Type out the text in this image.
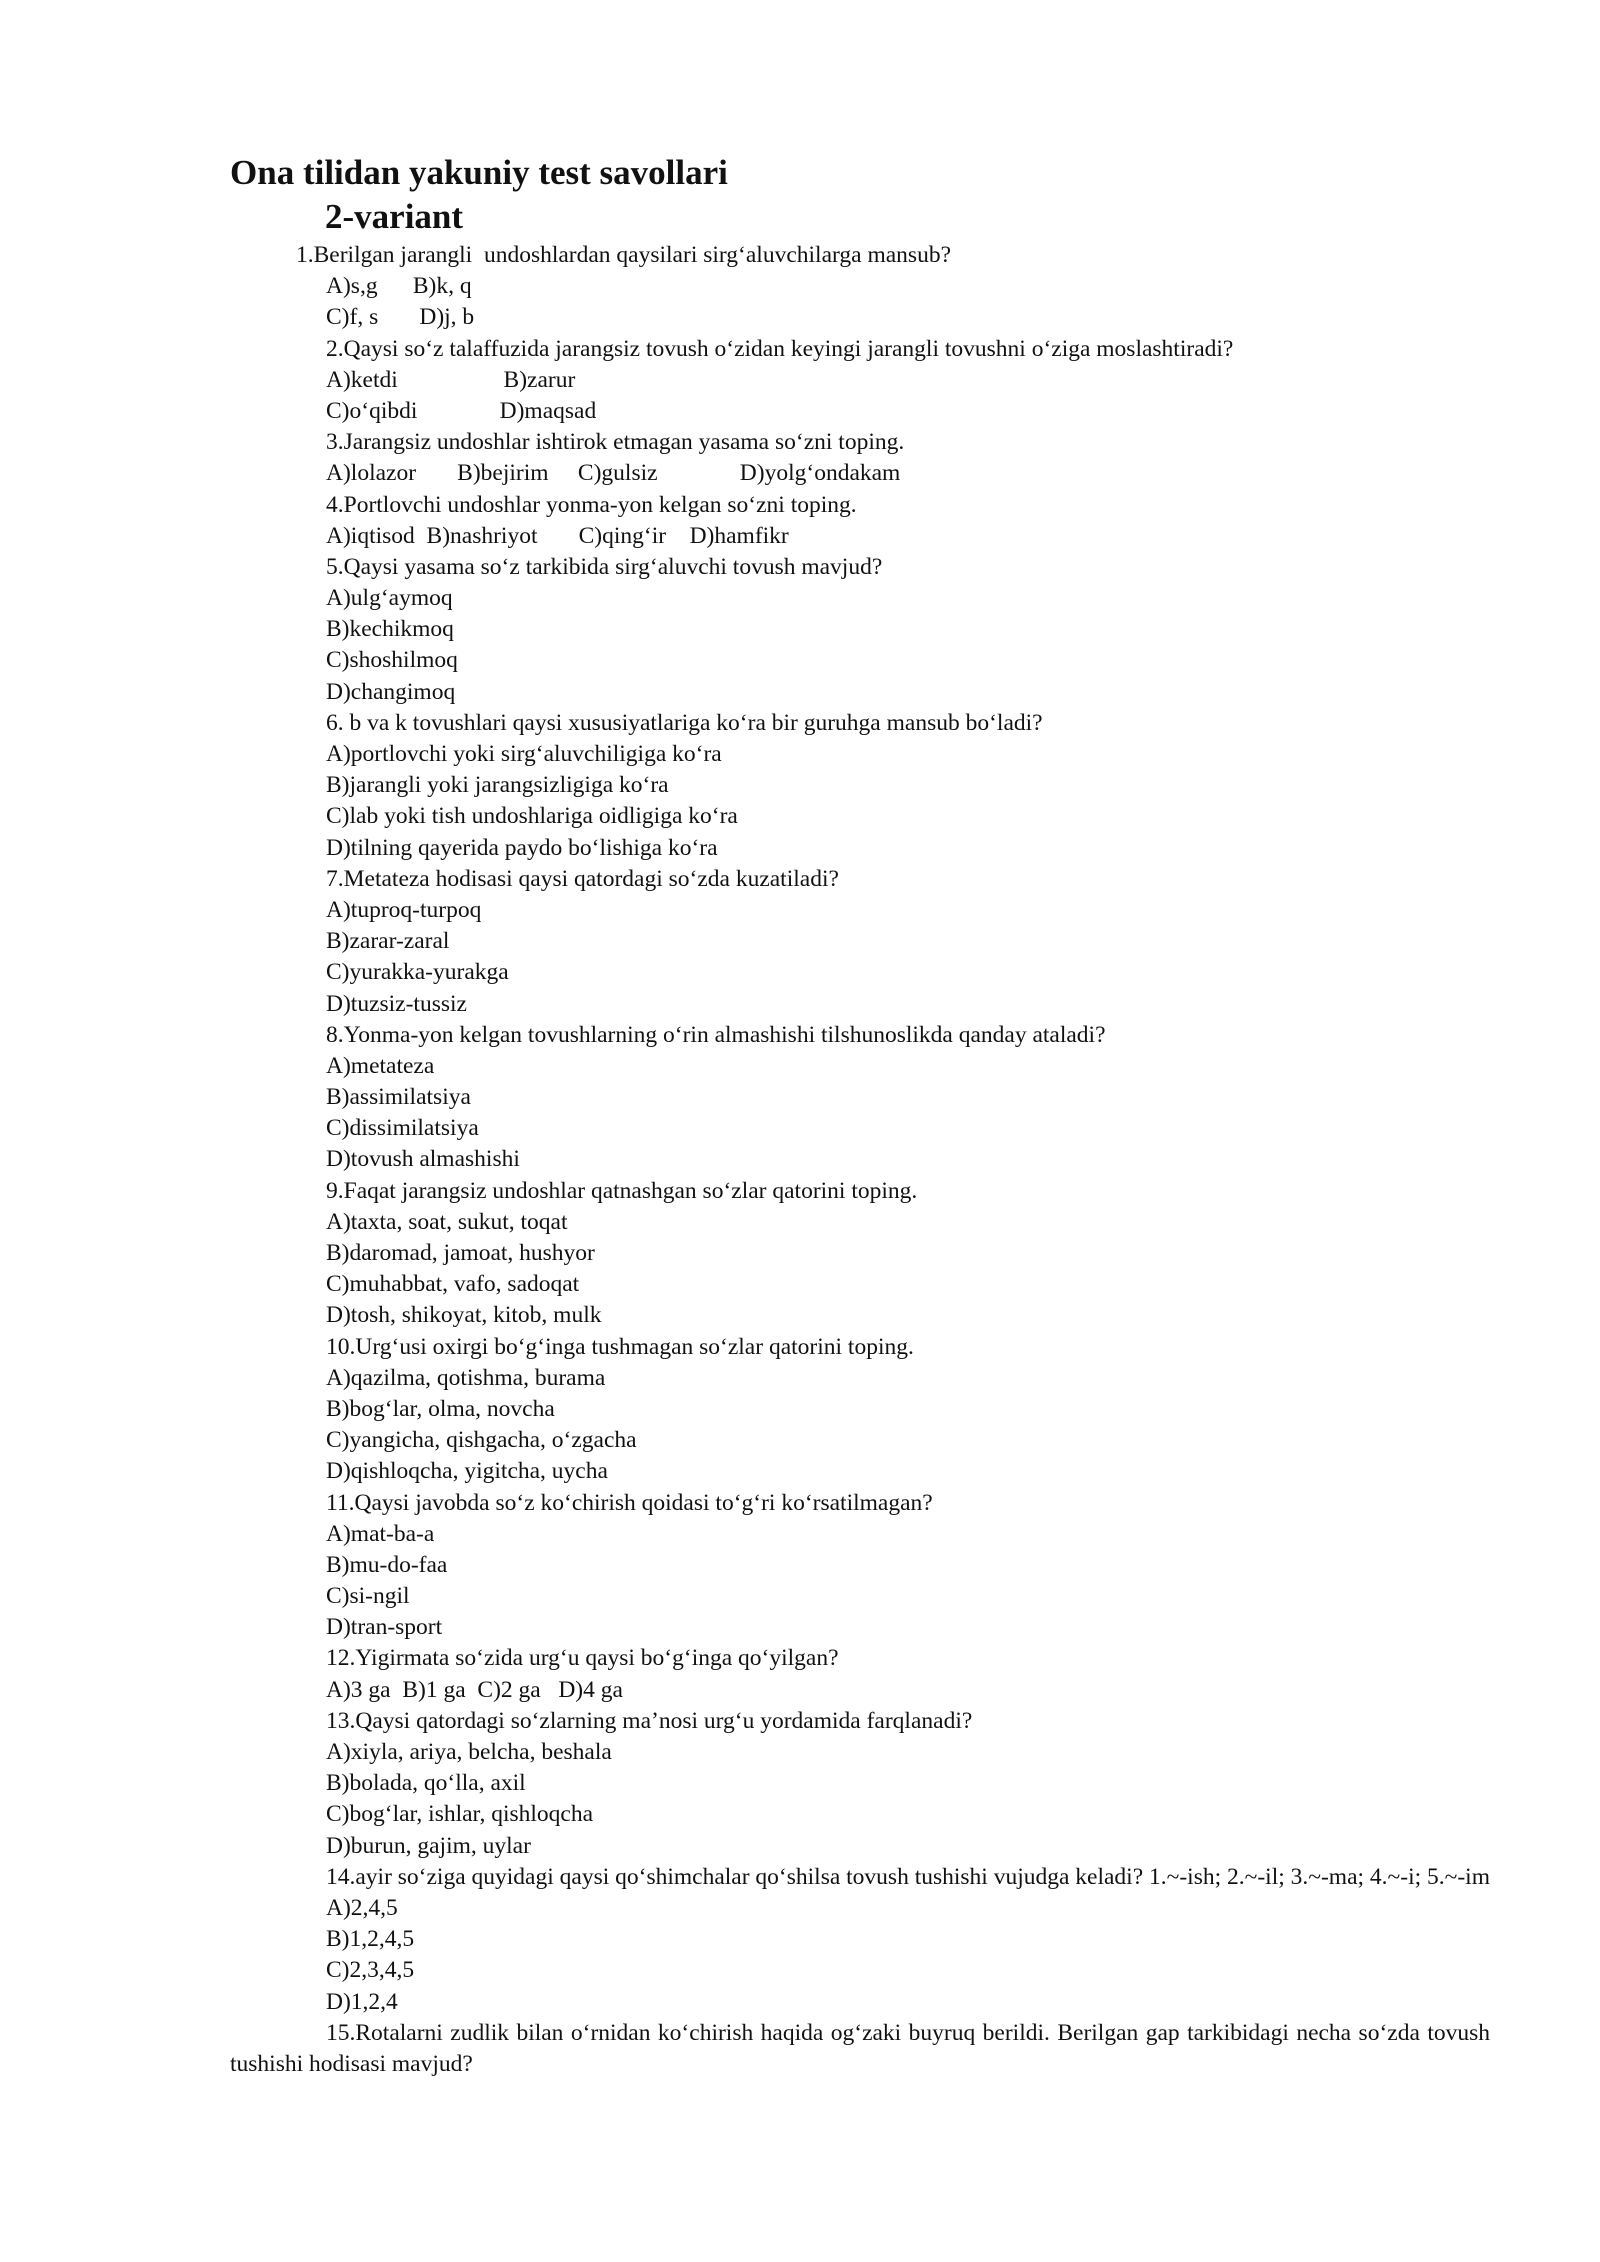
Ona tilidan yakuniy test savollari
2-variant
1.Berilgan jarangli  undoshlardan qaysilari sirg‘aluvchilarga mansub?
A)s,g      B)k, q
C)f, s       D)j, b
2.Qaysi so‘z talaffuzida jarangsiz tovush o‘zidan keyingi jarangli tovushni o‘ziga moslashtiradi?
A)ketdi                  B)zarur
C)o‘qibdi              D)maqsad
3.Jarangsiz undoshlar ishtirok etmagan yasama so‘zni toping.
A)lolazor       B)bejirim     C)gulsiz              D)yolg‘ondakam
4.Portlovchi undoshlar yonma-yon kelgan so‘zni toping.
A)iqtisod  B)nashriyot       C)qing‘ir    D)hamfikr
5.Qaysi yasama so‘z tarkibida sirg‘aluvchi tovush mavjud?
A)ulg‘aymoq
B)kechikmoq
C)shoshilmoq
D)changimoq
6. b va k tovushlari qaysi xususiyatlariga ko‘ra bir guruhga mansub bo‘ladi?
A)portlovchi yoki sirg‘aluvchiligiga ko‘ra
B)jarangli yoki jarangsizligiga ko‘ra
C)lab yoki tish undoshlariga oidligiga ko‘ra
D)tilning qayerida paydo bo‘lishiga ko‘ra
7.Metateza hodisasi qaysi qatordagi so‘zda kuzatiladi?
A)tuproq-turpoq
B)zarar-zaral
C)yurakka-yurakga
D)tuzsiz-tussiz
8.Yonma-yon kelgan tovushlarning o‘rin almashishi tilshunoslikda qanday ataladi?
A)metateza
B)assimilatsiya
C)dissimilatsiya
D)tovush almashishi
9.Faqat jarangsiz undoshlar qatnashgan so‘zlar qatorini toping.
A)taxta, soat, sukut, toqat
B)daromad, jamoat, hushyor
C)muhabbat, vafo, sadoqat
D)tosh, shikoyat, kitob, mulk
10.Urg‘usi oxirgi bo‘g‘inga tushmagan so‘zlar qatorini toping.
A)qazilma, qotishma, burama
B)bog‘lar, olma, novcha
C)yangicha, qishgacha, o‘zgacha
D)qishloqcha, yigitcha, uycha
11.Qaysi javobda so‘z ko‘chirish qoidasi to‘g‘ri ko‘rsatilmagan?
A)mat-ba-a
B)mu-do-faa
C)si-ngil
D)tran-sport
12.Yigirmata so‘zida urg‘u qaysi bo‘g‘inga qo‘yilgan?
A)3 ga  B)1 ga  C)2 ga   D)4 ga
13.Qaysi qatordagi so‘zlarning ma’nosi urg‘u yordamida farqlanadi?
A)xiyla, ariya, belcha, beshala
B)bolada, qo‘lla, axil
C)bog‘lar, ishlar, qishloqcha
D)burun, gajim, uylar
14.ayir so‘ziga quyidagi qaysi qo‘shimchalar qo‘shilsa tovush tushishi vujudga keladi? 1.~-ish; 2.~-il; 3.~-ma; 4.~-i; 5.~-im
A)2,4,5
B)1,2,4,5
C)2,3,4,5
D)1,2,4
15.Rotalarni zudlik bilan o‘rnidan ko‘chirish haqida og‘zaki buyruq berildi. Berilgan gap tarkibidagi necha so‘zda tovush tushishi hodisasi mavjud?
